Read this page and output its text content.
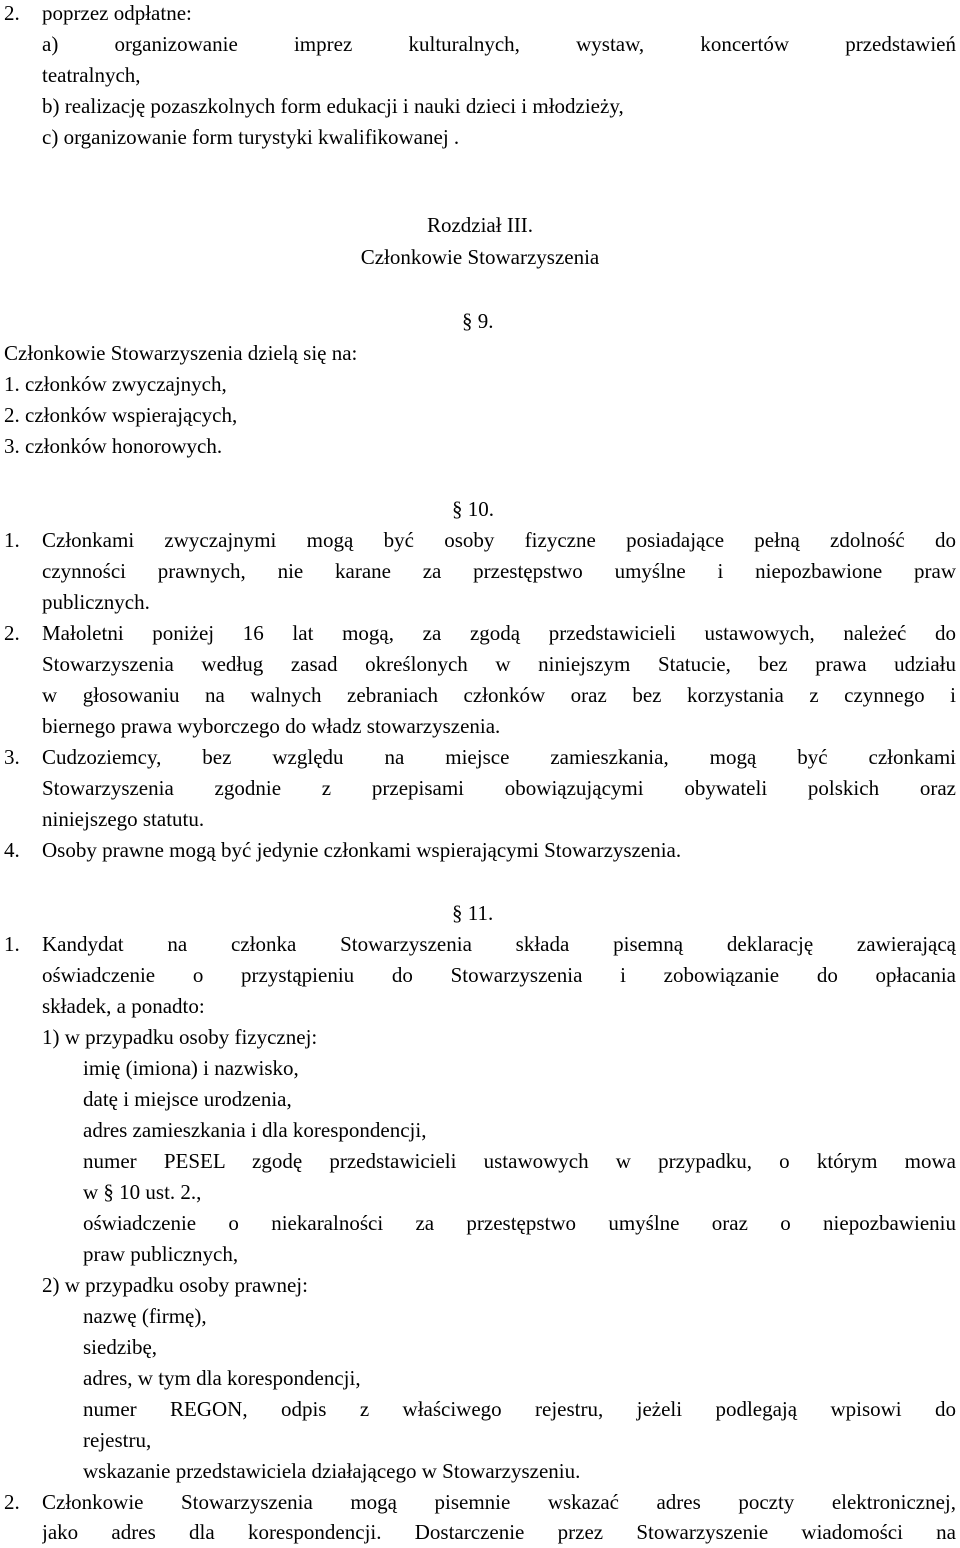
2. poprzez odpłatne:
a) organizowanie imprez kulturalnych, wystaw, koncertów przedstawień
teatralnych,
b) realizację pozaszkolnych form edukacji i nauki dzieci i młodzieży,
c) organizowanie form turystyki kwalifikowanej .
Rozdział III.
Członkowie Stowarzyszenia
§ 9.
Członkowie Stowarzyszenia dzielą się na:
1. członków zwyczajnych,
2. członków wspierających,
3. członków honorowych.
§ 10.
1. Członkami zwyczajnymi mogą być osoby fizyczne posiadające pełną zdolność do
czynności prawnych, nie karane za przestępstwo umyślne i niepozbawione praw
publicznych.
2. Małoletni poniżej 16 lat mogą, za zgodą przedstawicieli ustawowych, należeć do
Stowarzyszenia według zasad określonych w niniejszym Statucie, bez prawa udziału
w głosowaniu na walnych zebraniach członków oraz bez korzystania z czynnego i
biernego prawa wyborczego do władz stowarzyszenia.
3. Cudzoziemcy, bez względu na miejsce zamieszkania, mogą być członkami
Stowarzyszenia zgodnie z przepisami obowiązującymi obywateli polskich oraz
niniejszego statutu.
4. Osoby prawne mogą być jedynie członkami wspierającymi Stowarzyszenia.
§ 11.
1. Kandydat na członka Stowarzyszenia składa pisemną deklarację zawierającą
oświadczenie o przystąpieniu do Stowarzyszenia i zobowiązanie do opłacania
składek, a ponadto:
1) w przypadku osoby fizycznej:
imię (imiona) i nazwisko,
datę i miejsce urodzenia,
adres zamieszkania i dla korespondencji,
numer PESEL zgodę przedstawicieli ustawowych w przypadku, o którym mowa
w § 10 ust. 2.,
oświadczenie o niekaralności za przestępstwo umyślne oraz o niepozbawieniu
praw publicznych,
2) w przypadku osoby prawnej:
nazwę (firmę),
siedzibę,
adres, w tym dla korespondencji,
numer REGON, odpis z właściwego rejestru, jeżeli podlegają wpisowi do
rejestru,
wskazanie przedstawiciela działającego w Stowarzyszeniu.
2. Członkowie Stowarzyszenia mogą pisemnie wskazać adres poczty elektronicznej,
jako adres dla korespondencji. Dostarczenie przez Stowarzyszenie wiadomości na
